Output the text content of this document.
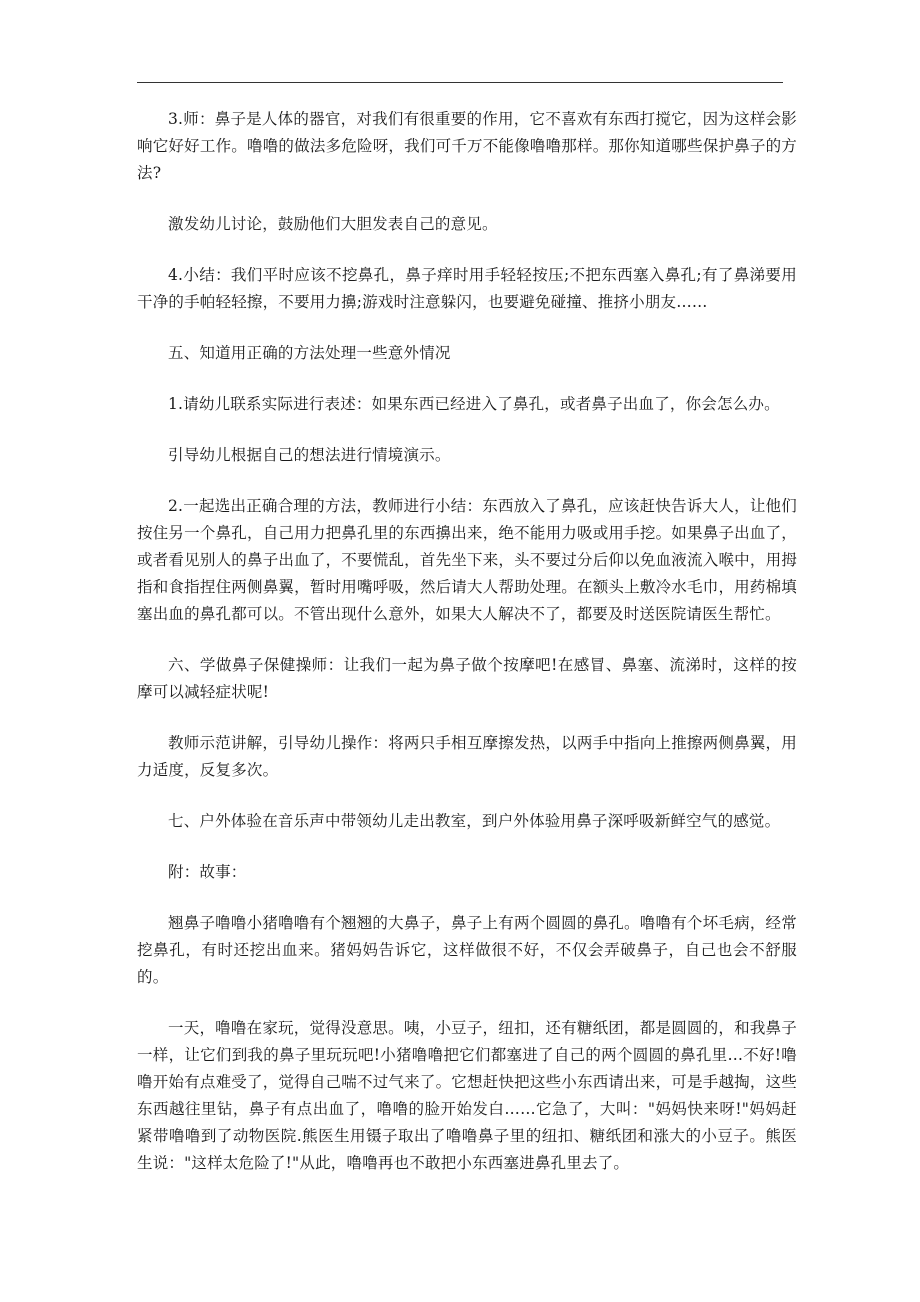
3.师：鼻子是人体的器官，对我们有很重要的作用，它不喜欢有东西打搅它，因为这样会影响它好好工作。噜噜的做法多危险呀，我们可千万不能像噜噜那样。那你知道哪些保护鼻子的方法?

激发幼儿讨论，鼓励他们大胆发表自己的意见。

4.小结：我们平时应该不挖鼻孔，鼻子痒时用手轻轻按压;不把东西塞入鼻孔;有了鼻涕要用干净的手帕轻轻擦，不要用力擤;游戏时注意躲闪，也要避免碰撞、推挤小朋友……

五、知道用正确的方法处理一些意外情况

1.请幼儿联系实际进行表述：如果东西已经进入了鼻孔，或者鼻子出血了，你会怎么办。

引导幼儿根据自己的想法进行情境演示。

2.一起选出正确合理的方法，教师进行小结：东西放入了鼻孔，应该赶快告诉大人，让他们按住另一个鼻孔，自己用力把鼻孔里的东西擤出来，绝不能用力吸或用手挖。如果鼻子出血了，或者看见别人的鼻子出血了，不要慌乱，首先坐下来，头不要过分后仰以免血液流入喉中，用拇指和食指捏住两侧鼻翼，暂时用嘴呼吸，然后请大人帮助处理。在额头上敷冷水毛巾，用药棉填塞出血的鼻孔都可以。不管出现什么意外，如果大人解决不了，都要及时送医院请医生帮忙。

六、学做鼻子保健操师：让我们一起为鼻子做个按摩吧!在感冒、鼻塞、流涕时，这样的按摩可以减轻症状呢!

教师示范讲解，引导幼儿操作：将两只手相互摩擦发热，以两手中指向上推擦两侧鼻翼，用力适度，反复多次。

七、户外体验在音乐声中带领幼儿走出教室，到户外体验用鼻子深呼吸新鲜空气的感觉。

附：故事：

翘鼻子噜噜小猪噜噜有个翘翘的大鼻子，鼻子上有两个圆圆的鼻孔。噜噜有个坏毛病，经常挖鼻孔，有时还挖出血来。猪妈妈告诉它，这样做很不好，不仅会弄破鼻子，自己也会不舒服的。

一天，噜噜在家玩，觉得没意思。咦，小豆子，纽扣，还有糖纸团，都是圆圆的，和我鼻子一样，让它们到我的鼻子里玩玩吧!小猪噜噜把它们都塞进了自己的两个圆圆的鼻孔里…不好!噜噜开始有点难受了，觉得自己喘不过气来了。它想赶快把这些小东西请出来，可是手越掏，这些东西越往里钻，鼻子有点出血了，噜噜的脸开始发白……它急了，大叫："妈妈快来呀!"妈妈赶紧带噜噜到了动物医院.熊医生用镊子取出了噜噜鼻子里的纽扣、糖纸团和涨大的小豆子。熊医生说："这样太危险了!"从此，噜噜再也不敢把小东西塞进鼻孔里去了。
